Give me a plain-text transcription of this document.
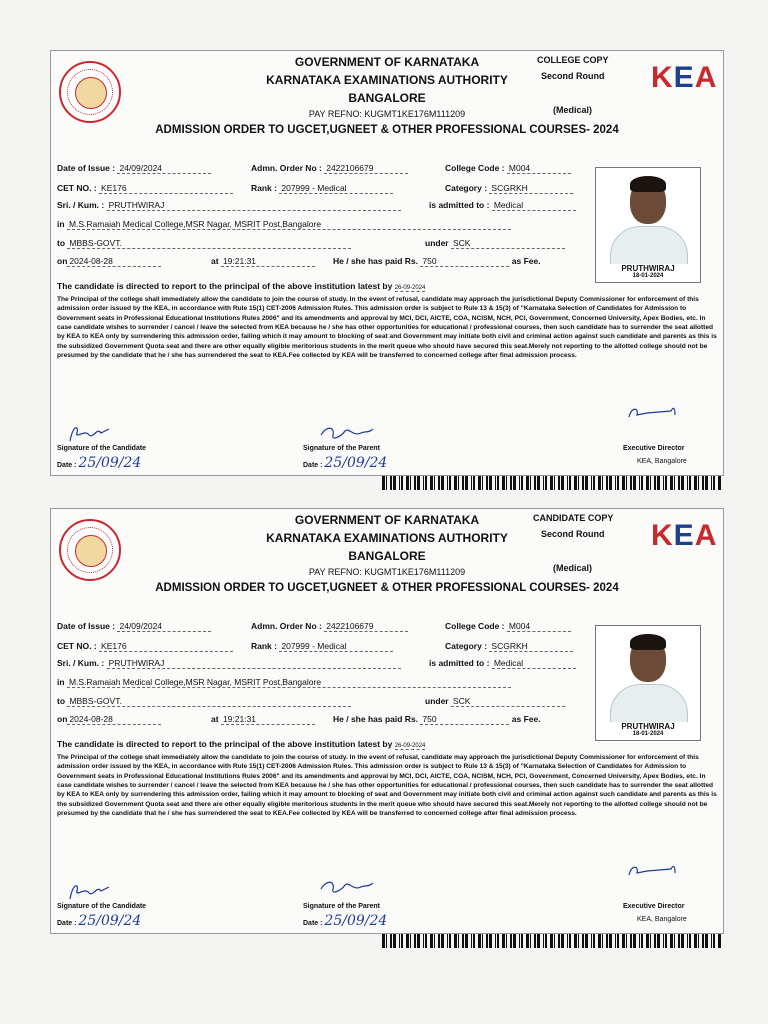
GOVERNMENT OF KARNATAKA
KARNATAKA EXAMINATIONS AUTHORITY
BANGALORE
PAY REFNO: KUGMT1KE176M111209
COLLEGE COPY
Second Round
(Medical)
KEA
ADMISSION ORDER TO UGCET,UGNEET & OTHER PROFESSIONAL COURSES- 2024
Date of Issue : 24/09/2024	Admn. Order No : 2422106679	College Code : M004
CET NO. : KE176	Rank : 207999 - Medical	Category : SCGRKH
Sri. / Kum. : PRUTHWIRAJ	is admitted to : Medical
in M.S.Ramaiah Medical College,MSR Nagar, MSRIT Post,Bangalore
to MBBS-GOVT.	under SCK
on 2024-08-28	at 19:21:31	He / she has paid Rs. 750	as Fee.
PRUTHWIRAJ
18-01-2024
The candidate is directed to report to the principal of the above institution latest by 26-09-2024
The Principal of the college shall immediately allow the candidate to join the course of study. In the event of refusal, candidate may approach the jurisdictional Deputy Commissioner for enforcement of this admission order issued by the KEA, in accordance with Rule 15(1) CET-2006 Admission Rules. This admission order is subject to Rule 13 & 15(3) of "Karnataka Selection of Candidates for Admission to Government seats in Professional Educational Institutions Rules 2006" and its amendments and approval by MCI, DCI, AICTE, COA, NCISM, NCH, PCI, Government, Concerned University, Apex Bodies, etc. In case candidate wishes to surrender / cancel / leave the selected from KEA because he / she has other opportunities for educational / professional courses, then such candidate has to surrender the seat allotted by KEA to KEA only by surrendering this admission order, failing which it may amount to blocking of seat and Government may initiate both civil and criminal action against such candidate and parents as this is the subsidized Government Quota seat and there are other equally eligible meritorious students in the merit queue who should have secured this seat.Merely not reporting to the allotted college should not be presumed by the candidate that he / she has surrendered the seat to KEA.Fee collected by KEA will be transferred to concerned college after final admission process.
Signature of the Candidate
Date : 25/09/24
Signature of the Parent
Date : 25/09/24
Executive Director
KEA, Bangalore
GOVERNMENT OF KARNATAKA
KARNATAKA EXAMINATIONS AUTHORITY
BANGALORE
PAY REFNO: KUGMT1KE176M111209
CANDIDATE COPY
Second Round
(Medical)
KEA
ADMISSION ORDER TO UGCET,UGNEET & OTHER PROFESSIONAL COURSES- 2024
Date of Issue : 24/09/2024	Admn. Order No : 2422106679	College Code : M004
CET NO. : KE176	Rank : 207999 - Medical	Category : SCGRKH
Sri. / Kum. : PRUTHWIRAJ	is admitted to : Medical
in M.S.Ramaiah Medical College,MSR Nagar, MSRIT Post,Bangalore
to MBBS-GOVT.	under SCK
on 2024-08-28	at 19:21:31	He / she has paid Rs. 750	as Fee.
PRUTHWIRAJ
18-01-2024
The candidate is directed to report to the principal of the above institution latest by 26-09-2024
The Principal of the college shall immediately allow the candidate to join the course of study. In the event of refusal, candidate may approach the jurisdictional Deputy Commissioner for enforcement of this admission order issued by the KEA, in accordance with Rule 15(1) CET-2006 Admission Rules. This admission order is subject to Rule 13 & 15(3) of "Karnataka Selection of Candidates for Admission to Government seats in Professional Educational Institutions Rules 2006" and its amendments and approval by MCI, DCI, AICTE, COA, NCISM, NCH, PCI, Government, Concerned University, Apex Bodies, etc. In case candidate wishes to surrender / cancel / leave the selected from KEA because he / she has other opportunities for educational / professional courses, then such candidate has to surrender the seat allotted by KEA to KEA only by surrendering this admission order, failing which it may amount to blocking of seat and Government may initiate both civil and criminal action against such candidate and parents as this is the subsidized Government Quota seat and there are other equally eligible meritorious students in the merit queue who should have secured this seat.Merely not reporting to the allotted college should not be presumed by the candidate that he / she has surrendered the seat to KEA.Fee collected by KEA will be transferred to concerned college after final admission process.
Signature of the Candidate
Date : 25/09/24
Signature of the Parent
Date : 25/09/24
Executive Director
KEA, Bangalore
